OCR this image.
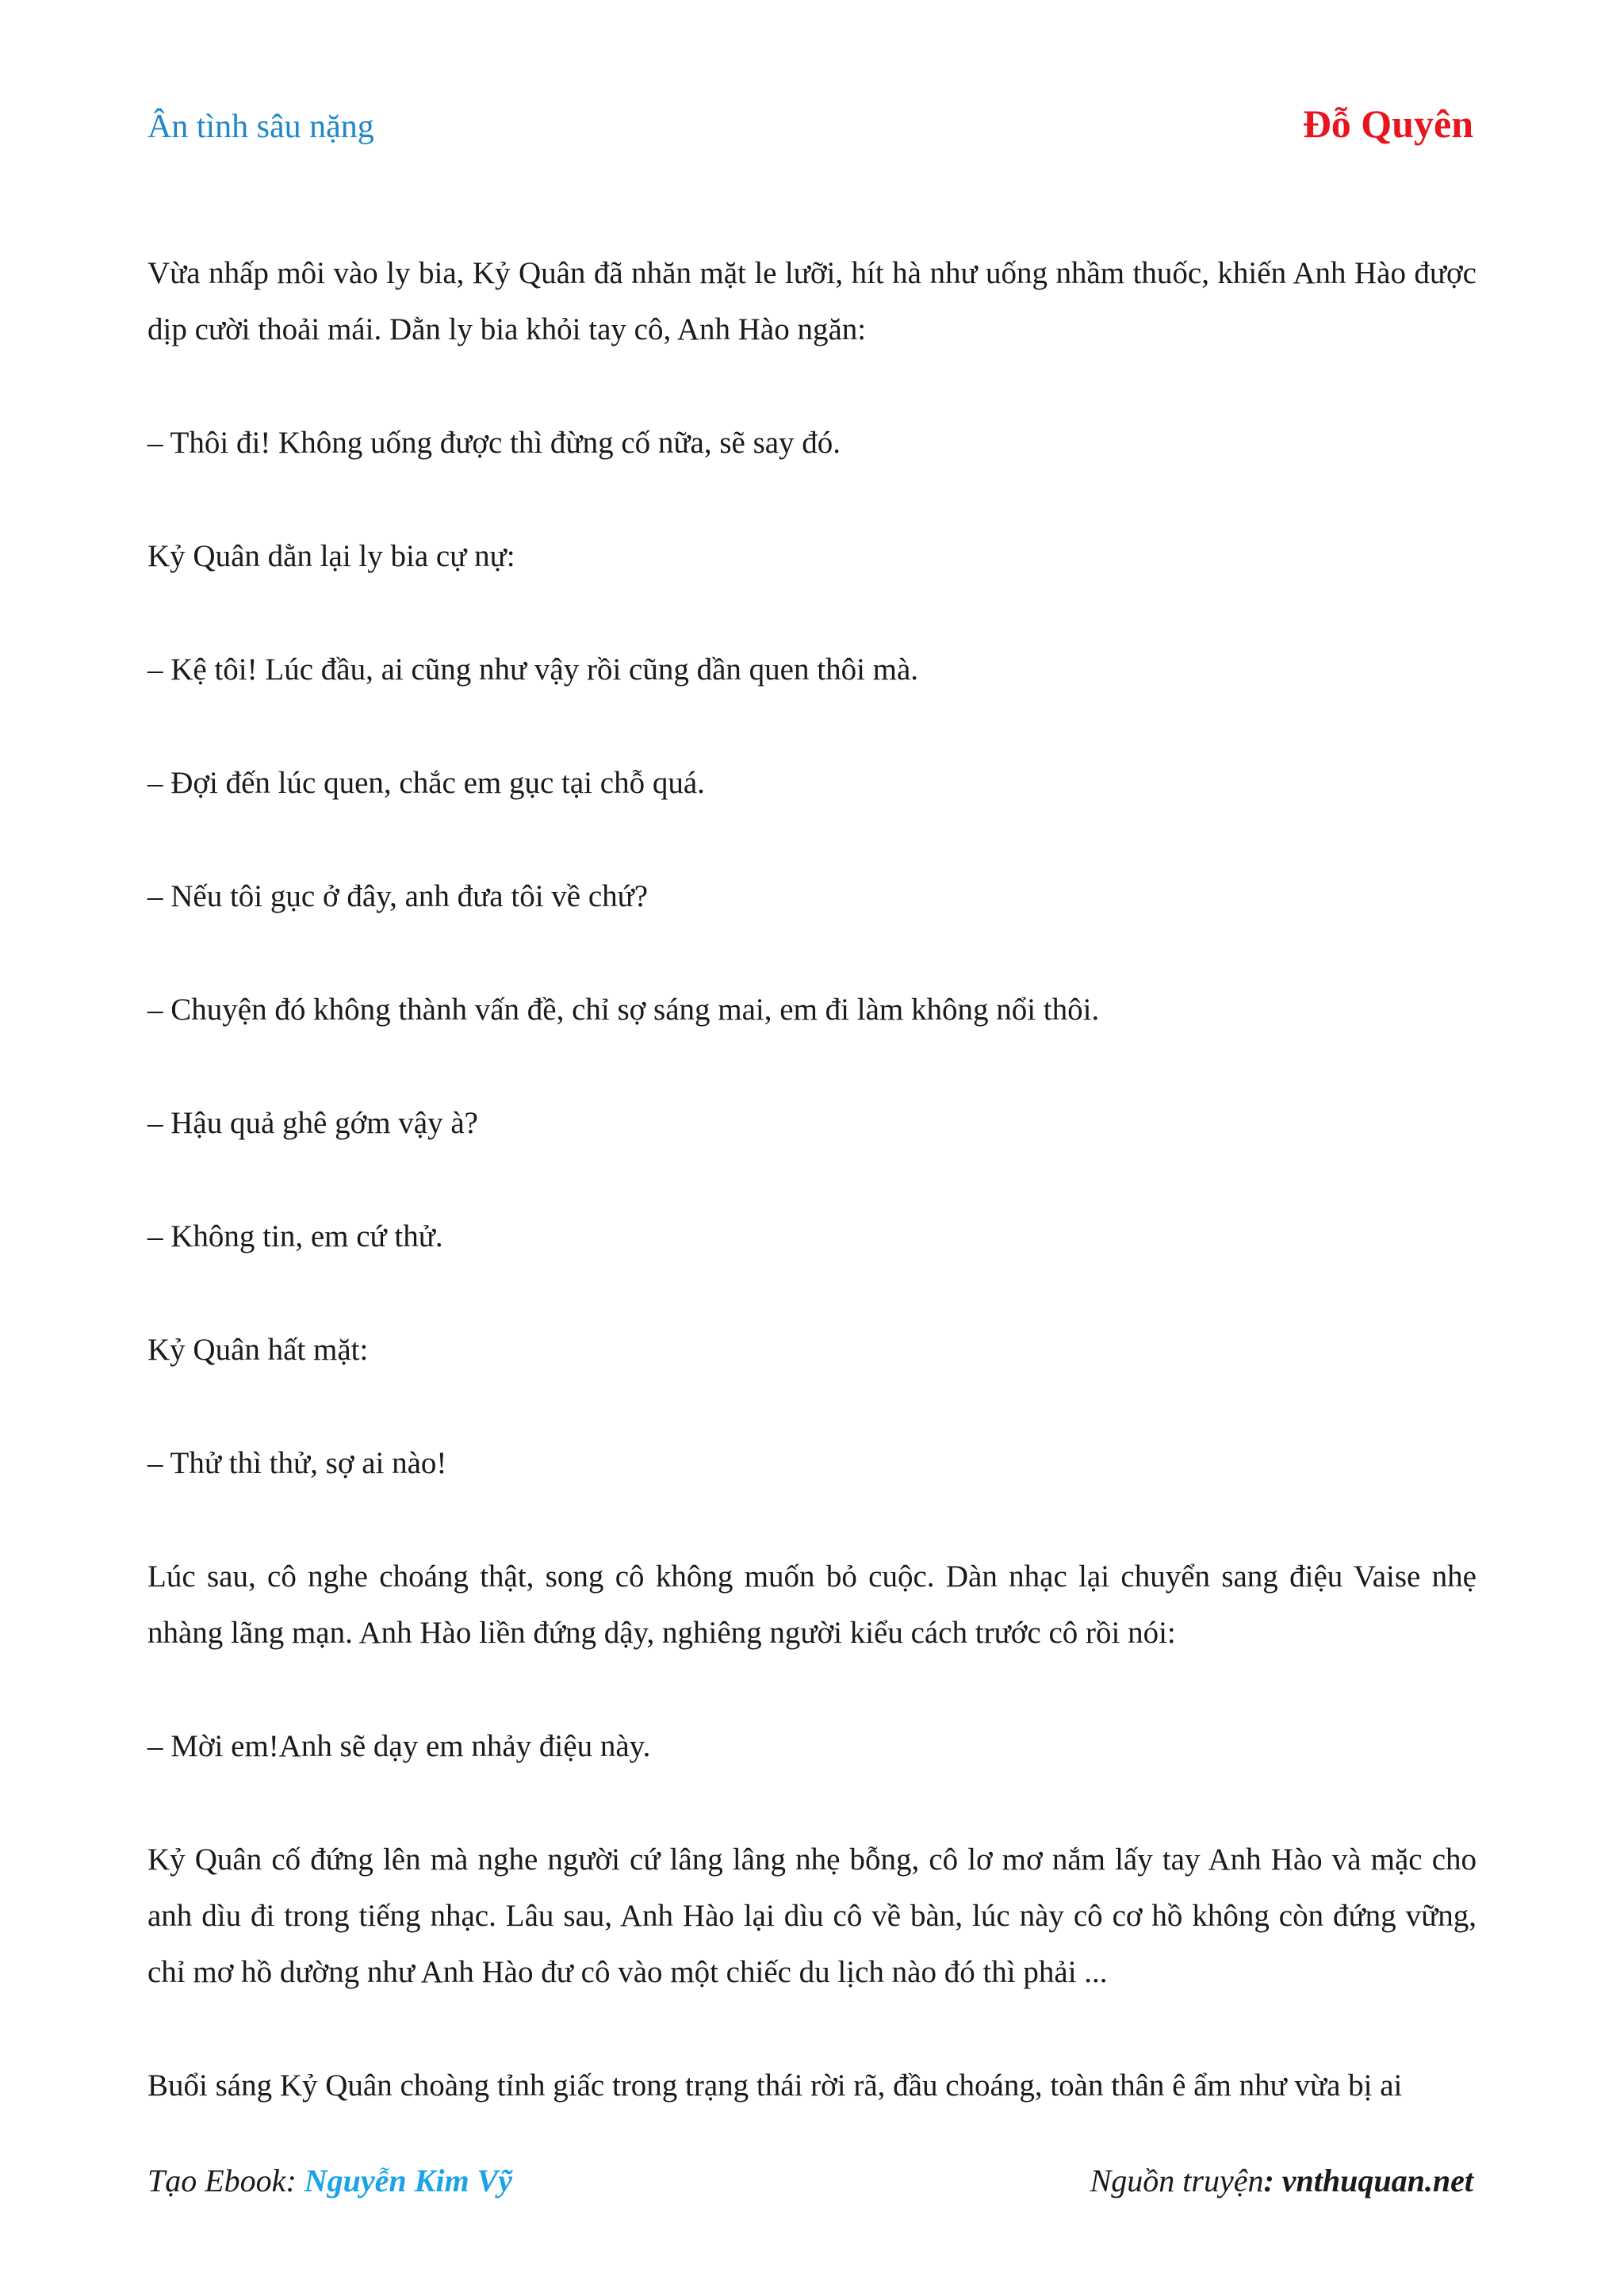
Ân tình sâu nặng	Đỗ Quyên

Vừa nhấp môi vào ly bia, Kỷ Quân đã nhăn mặt le lưỡi, hít hà như uống nhầm thuốc, khiến Anh Hào được dịp cười thoải mái. Dằn ly bia khỏi tay cô, Anh Hào ngăn:

– Thôi đi! Không uống được thì đừng cố nữa, sẽ say đó.

Kỷ Quân dằn lại ly bia cự nự:

– Kệ tôi! Lúc đầu, ai cũng như vậy rồi cũng dần quen thôi mà.

– Đợi đến lúc quen, chắc em gục tại chỗ quá.

– Nếu tôi gục ở đây, anh đưa tôi về chứ?

– Chuyện đó không thành vấn đề, chỉ sợ sáng mai, em đi làm không nổi thôi.

– Hậu quả ghê gớm vậy à?

– Không tin, em cứ thử.

Kỷ Quân hất mặt:

– Thử thì thử, sợ ai nào!

Lúc sau, cô nghe choáng thật, song cô không muốn bỏ cuộc. Dàn nhạc lại chuyển sang điệu Vaise nhẹ nhàng lãng mạn. Anh Hào liền đứng dậy, nghiêng người kiểu cách trước cô rồi nói:

– Mời em!Anh sẽ dạy em nhảy điệu này.

Kỷ Quân cố đứng lên mà nghe người cứ lâng lâng nhẹ bỗng, cô lơ mơ nắm lấy tay Anh Hào và mặc cho anh dìu đi trong tiếng nhạc. Lâu sau, Anh Hào lại dìu cô về bàn, lúc này cô cơ hồ không còn đứng vững, chỉ mơ hồ dường như Anh Hào đư cô vào một chiếc du lịch nào đó thì phải ...

Buổi sáng Kỷ Quân choàng tỉnh giấc trong trạng thái rời rã, đầu choáng, toàn thân ê ẩm như vừa bị ai

Tạo Ebook: Nguyễn Kim Vỹ	Nguồn truyện: vnthuquan.net
